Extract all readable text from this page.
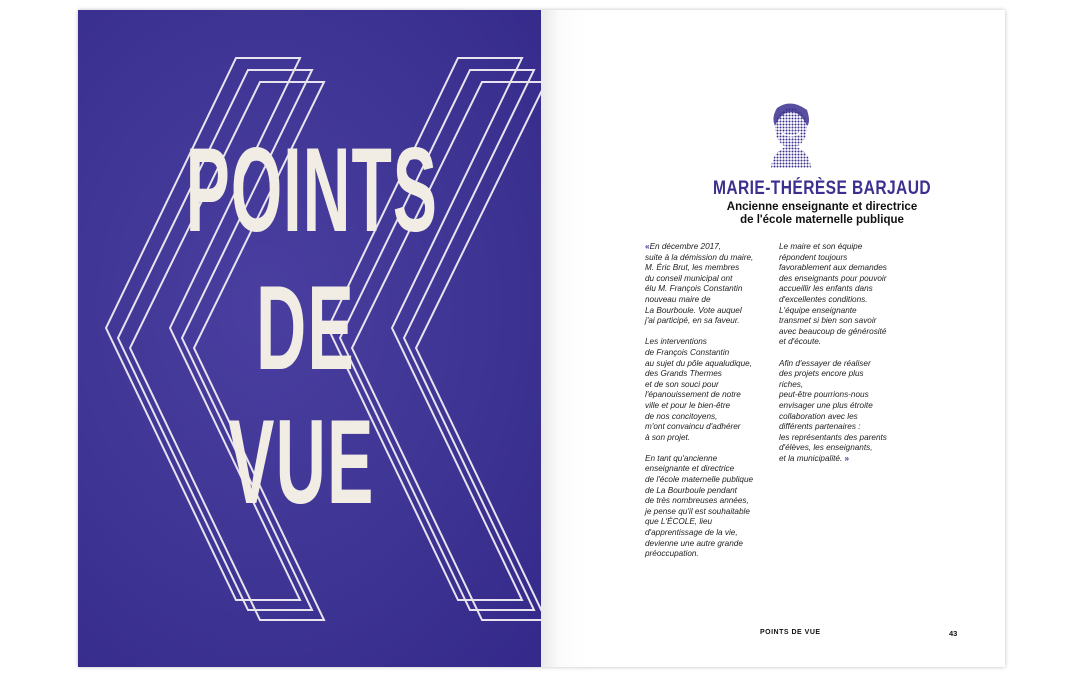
POINTS
DE
VUE
MARIE-THÉRÈSE BARJAUD
Ancienne enseignante et directrice
de l'école maternelle publique

«En décembre 2017,
suite à la démission du maire,
M. Éric Brut, les membres
du conseil municipal ont
élu M. François Constantin
nouveau maire de
La Bourboule. Vote auquel
j'ai participé, en sa faveur.

Les interventions
de François Constantin
au sujet du pôle aqualudique,
des Grands Thermes
et de son souci pour
l'épanouissement de notre
ville et pour le bien-être
de nos concitoyens,
m'ont convaincu d'adhérer
à son projet.

En tant qu'ancienne
enseignante et directrice
de l'école maternelle publique
de La Bourboule pendant
de très nombreuses années,
je pense qu'il est souhaitable
que L'ÉCOLE, lieu
d'apprentissage de la vie,
devienne une autre grande
préoccupation.

Le maire et son équipe
répondent toujours
favorablement aux demandes
des enseignants pour pouvoir
accueillir les enfants dans
d'excellentes conditions.
L'équipe enseignante
transmet si bien son savoir
avec beaucoup de générosité
et d'écoute.

Afin d'essayer de réaliser
des projets encore plus riches,
peut-être pourrions-nous
envisager une plus étroite
collaboration avec les
différents partenaires :
les représentants des parents
d'élèves, les enseignants,
et la municipalité. »

POINTS DE VUE	43
